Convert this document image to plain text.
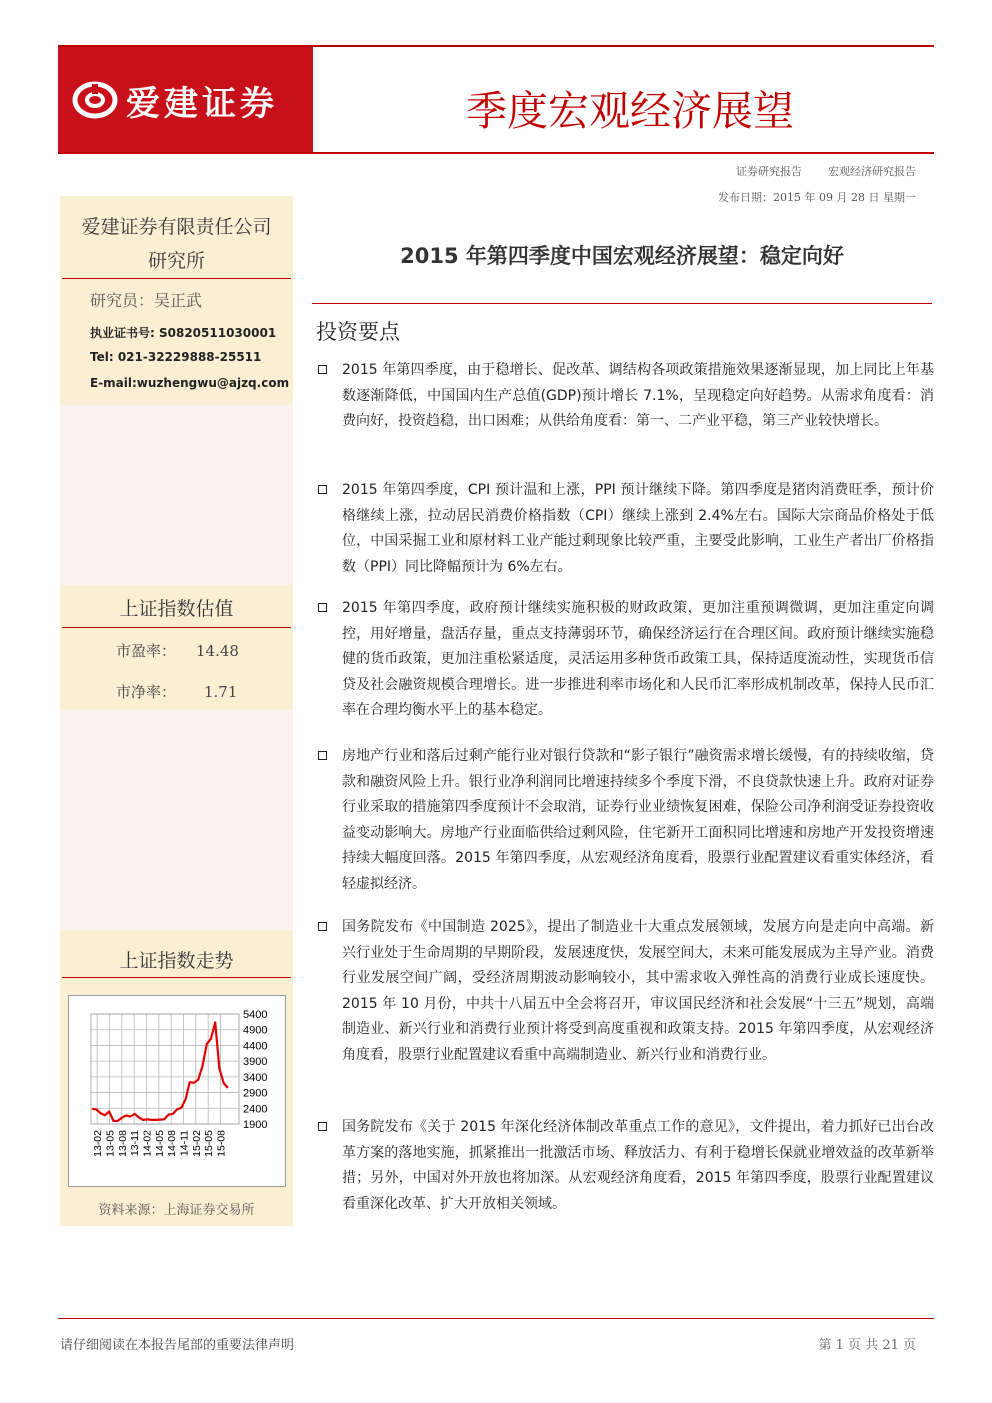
爱建证券	季度宏观经济展望
证券研究报告 宏观经济研究报告
发布日期：2015 年 09 月 28 日 星期一
爱建证券有限责任公司
研究所
研究员：吴正武
执业证书号: S0820511030001
Tel: 021-32229888-25511
E-mail:wuzhengwu@ajzq.com
上证指数估值
市盈率： 14.48
市净率： 1.71
上证指数走势
5400
4900
4400
3900
3400
2900
2400
1900
13-02 13-05 13-08 13-11 14-02 14-05 14-08 14-11 15-02 15-05 15-08
资料来源：上海证券交易所
2015 年第四季度中国宏观经济展望：稳定向好
投资要点
2015 年第四季度，由于稳增长、促改革、调结构各项政策措施效果逐渐显现，加上同比上年基数逐渐降低，中国国内生产总值(GDP)预计增长 7.1%，呈现稳定向好趋势。从需求角度看：消费向好，投资趋稳，出口困难；从供给角度看：第一、二产业平稳，第三产业较快增长。
2015 年第四季度，CPI 预计温和上涨，PPI 预计继续下降。第四季度是猪肉消费旺季，预计价格继续上涨，拉动居民消费价格指数（CPI）继续上涨到 2.4%左右。国际大宗商品价格处于低位，中国采掘工业和原材料工业产能过剩现象比较严重，主要受此影响，工业生产者出厂价格指数（PPI）同比降幅预计为 6%左右。
2015 年第四季度，政府预计继续实施积极的财政政策，更加注重预调微调，更加注重定向调控，用好增量，盘活存量，重点支持薄弱环节，确保经济运行在合理区间。政府预计继续实施稳健的货币政策，更加注重松紧适度，灵活运用多种货币政策工具，保持适度流动性，实现货币信贷及社会融资规模合理增长。进一步推进利率市场化和人民币汇率形成机制改革，保持人民币汇率在合理均衡水平上的基本稳定。
房地产行业和落后过剩产能行业对银行贷款和“影子银行”融资需求增长缓慢，有的持续收缩，贷款和融资风险上升。银行业净利润同比增速持续多个季度下滑，不良贷款快速上升。政府对证券行业采取的措施第四季度预计不会取消，证券行业业绩恢复困难，保险公司净利润受证券投资收益变动影响大。房地产行业面临供给过剩风险，住宅新开工面积同比增速和房地产开发投资增速持续大幅度回落。2015 年第四季度，从宏观经济角度看，股票行业配置建议看重实体经济，看轻虚拟经济。
国务院发布《中国制造 2025》，提出了制造业十大重点发展领域，发展方向是走向中高端。新兴行业处于生命周期的早期阶段，发展速度快，发展空间大，未来可能发展成为主导产业。消费行业发展空间广阔，受经济周期波动影响较小，其中需求收入弹性高的消费行业成长速度快。2015 年 10 月份，中共十八届五中全会将召开，审议国民经济和社会发展“十三五”规划，高端制造业、新兴行业和消费行业预计将受到高度重视和政策支持。2015 年第四季度，从宏观经济角度看，股票行业配置建议看重中高端制造业、新兴行业和消费行业。
国务院发布《关于 2015 年深化经济体制改革重点工作的意见》，文件提出，着力抓好已出台改革方案的落地实施，抓紧推出一批激活市场、释放活力、有利于稳增长保就业增效益的改革新举措；另外，中国对外开放也将加深。从宏观经济角度看，2015 年第四季度，股票行业配置建议看重深化改革、扩大开放相关领域。
请仔细阅读在本报告尾部的重要法律声明	第 1 页 共 21 页
